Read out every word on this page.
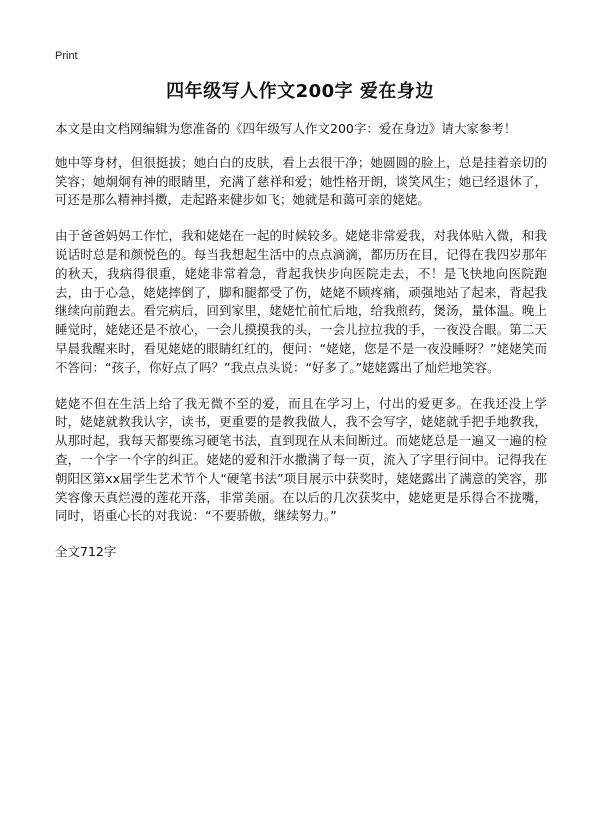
Print
四年级写人作文200字 爱在身边

本文是由文档网编辑为您准备的《四年级写人作文200字：爱在身边》请大家参考！

她中等身材，但很挺拔；她白白的皮肤，看上去很干净；她圆圆的脸上，总是挂着亲切的笑容；她炯炯有神的眼睛里，充满了慈祥和爱；她性格开朗，谈笑风生；她已经退休了，可还是那么精神抖擞，走起路来健步如飞；她就是和蔼可亲的姥姥。

由于爸爸妈妈工作忙，我和姥姥在一起的时候较多。姥姥非常爱我，对我体贴入微，和我说话时总是和颜悦色的。每当我想起生活中的点点滴滴，都历历在目，记得在我四岁那年的秋天，我病得很重，姥姥非常着急，背起我快步向医院走去，不！是飞快地向医院跑去，由于心急，姥姥摔倒了，脚和腿都受了伤，姥姥不顾疼痛，顽强地站了起来，背起我继续向前跑去。看完病后，回到家里，姥姥忙前忙后地，给我煎药，煲汤，量体温。晚上睡觉时，姥姥还是不放心，一会儿摸摸我的头，一会儿拉拉我的手，一夜没合眼。第二天早晨我醒来时，看见姥姥的眼睛红红的，便问：“姥姥，您是不是一夜没睡呀？”姥姥笑而不答问：“孩子，你好点了吗？”我点点头说：“好多了。”姥姥露出了灿烂地笑容。

姥姥不但在生活上给了我无微不至的爱，而且在学习上，付出的爱更多。在我还没上学时，姥姥就教我认字，读书，更重要的是教我做人，我不会写字，姥姥就手把手地教我，从那时起，我每天都要练习硬笔书法，直到现在从未间断过。而姥姥总是一遍又一遍的检查，一个字一个字的纠正。姥姥的爱和汗水撒满了每一页，流入了字里行间中。记得我在朝阳区第xx届学生艺术节个人“硬笔书法”项目展示中获奖时，姥姥露出了满意的笑容，那笑容像天真烂漫的莲花开落，非常美丽。在以后的几次获奖中，姥姥更是乐得合不拢嘴，同时，语重心长的对我说：“不要骄傲，继续努力。”

全文712字
